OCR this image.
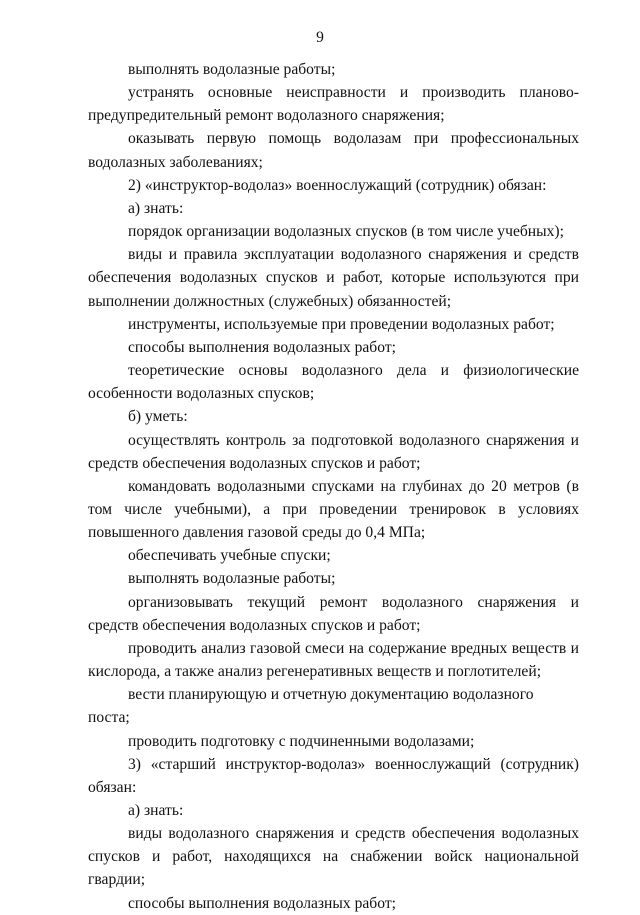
9

выполнять водолазные работы;

устранять основные неисправности и производить планово-предупредительный ремонт водолазного снаряжения;

оказывать первую помощь водолазам при профессиональных водолазных заболеваниях;

2) «инструктор-водолаз» военнослужащий (сотрудник) обязан:

а) знать:

порядок организации водолазных спусков (в том числе учебных);

виды и правила эксплуатации водолазного снаряжения и средств обеспечения водолазных спусков и работ, которые используются при выполнении должностных (служебных) обязанностей;

инструменты, используемые при проведении водолазных работ;

способы выполнения водолазных работ;

теоретические основы водолазного дела и физиологические особенности водолазных спусков;

б) уметь:

осуществлять контроль за подготовкой водолазного снаряжения и средств обеспечения водолазных спусков и работ;

командовать водолазными спусками на глубинах до 20 метров (в том числе учебными), а при проведении тренировок в условиях повышенного давления газовой среды до 0,4 МПа;

обеспечивать учебные спуски;

выполнять водолазные работы;

организовывать текущий ремонт водолазного снаряжения и средств обеспечения водолазных спусков и работ;

проводить анализ газовой смеси на содержание вредных веществ и кислорода, а также анализ регенеративных веществ и поглотителей;

вести планирующую и отчетную документацию водолазного поста;

проводить подготовку с подчиненными водолазами;

3) «старший инструктор-водолаз» военнослужащий (сотрудник) обязан:

а) знать:

виды водолазного снаряжения и средств обеспечения водолазных спусков и работ, находящихся на снабжении войск национальной гвардии;

способы выполнения водолазных работ;
